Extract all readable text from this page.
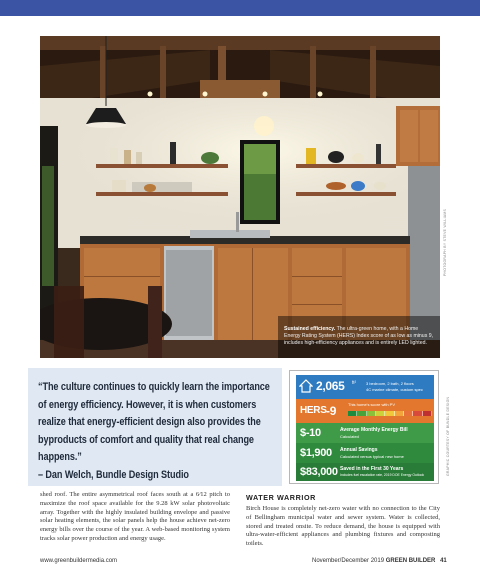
Sustained efficiency. The ultra-green home, with a Home Energy Rating System (HERS) Index score of as low as minus 9, includes high-efficiency appliances and is entirely LED lighted.
PHOTOGRAPH BY STEVE WILLIAMS
“The culture continues to quickly learn the importance of energy efficiency. However, it is when customers realize that energy-efficient design also provides the byproducts of comfort and quality that real change happens.”
– Dan Welch, Bundle Design Studio
2,065 ft²	3 bedroom, 2 bath, 2 floors
4C marine climate, custom spec
HERS -9	This home's score with PV
$-10	Average Monthly Energy Bill
Calculated
$1,900 Annual Savings
Calculated versus typical new home
$83,000 Saved in the First 30 Years
Includes fuel escalation rate, 2019 DOE Energy Outlook	GRAPHIC COURTESY OF BUNDLE DESIGN

shed roof. The entire asymmetrical roof faces south at a 6⁄12 pitch to maximize the roof space available for the 9.28 kW solar photovoltaic array. Together with the highly insulated building envelope and passive solar heating elements, the solar panels help the house achieve net-zero energy bills over the course of the year. A web-based monitoring system tracks solar power production and energy usage.

WATER WARRIOR

Birch House is completely net-zero water with no connection to the City of Bellingham municipal water and sewer system. Water is collected, stored and treated onsite. To reduce demand, the house is equipped with ultra-water-efficient appliances and plumbing fixtures and composting toilets.

www.greenbuildermedia.com	November/December 2019 GREEN BUILDER 41
